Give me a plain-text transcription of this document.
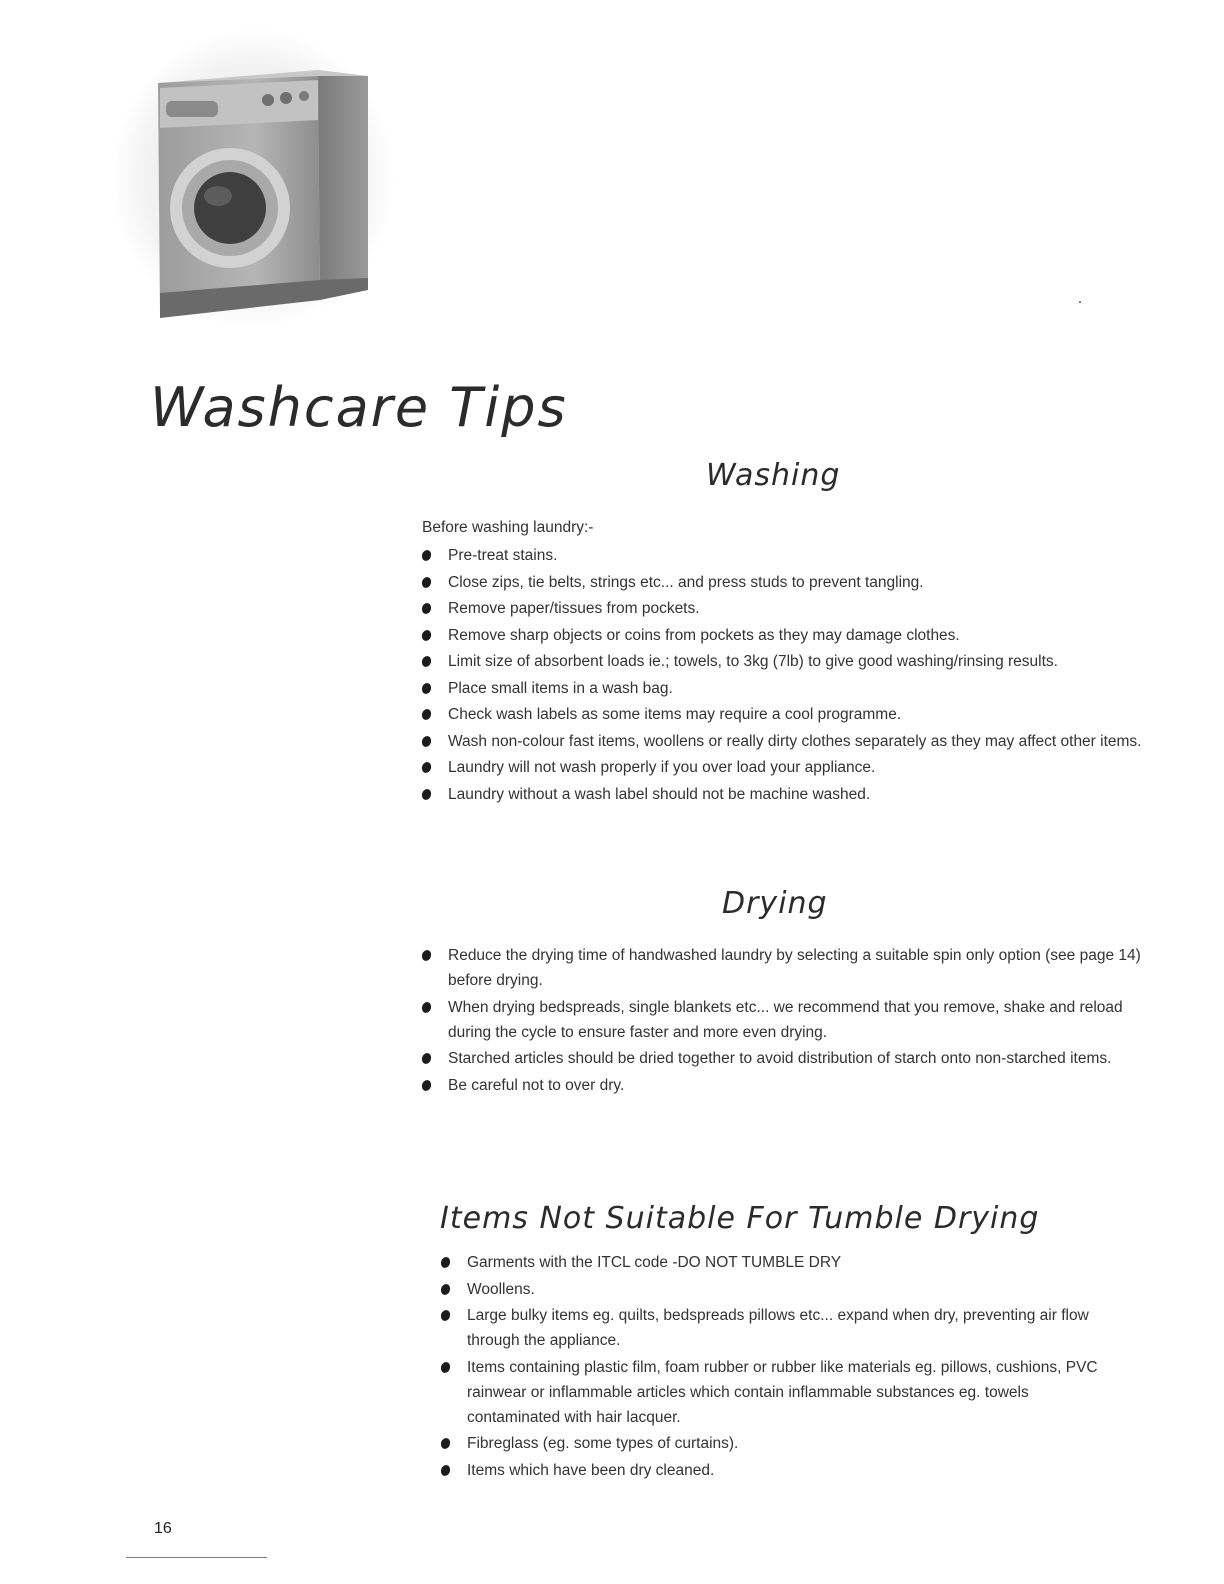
Washcare Tips
Washing

Before washing laundry:-

Pre-treat stains.
Close zips, tie belts, strings etc... and press studs to prevent tangling.
Remove paper/tissues from pockets.
Remove sharp objects or coins from pockets as they may damage clothes.
Limit size of absorbent loads ie.; towels, to 3kg (7lb) to give good washing/rinsing results.
Place small items in a wash bag.
Check wash labels as some items may require a cool programme.
Wash non-colour fast items, woollens or really dirty clothes separately as they may affect other items.
Laundry will not wash properly if you over load your appliance.
Laundry without a wash label should not be machine washed.
Drying
Reduce the drying time of handwashed laundry by selecting a suitable spin only option (see page 14) before drying.
When drying bedspreads, single blankets etc... we recommend that you remove, shake and reload during the cycle to ensure faster and more even drying.
Starched articles should be dried together to avoid distribution of starch onto non-starched items.
Be careful not to over dry.
Items Not Suitable For Tumble Drying
Garments with the ITCL code -DO NOT TUMBLE DRY
Woollens.
Large bulky items eg. quilts, bedspreads pillows etc... expand when dry, preventing air flow through the appliance.
Items containing plastic film, foam rubber or rubber like materials eg. pillows, cushions, PVC rainwear or inflammable articles which contain inflammable substances eg. towels contaminated with hair lacquer.
Fibreglass (eg. some types of curtains).
Items which have been dry cleaned.
16
